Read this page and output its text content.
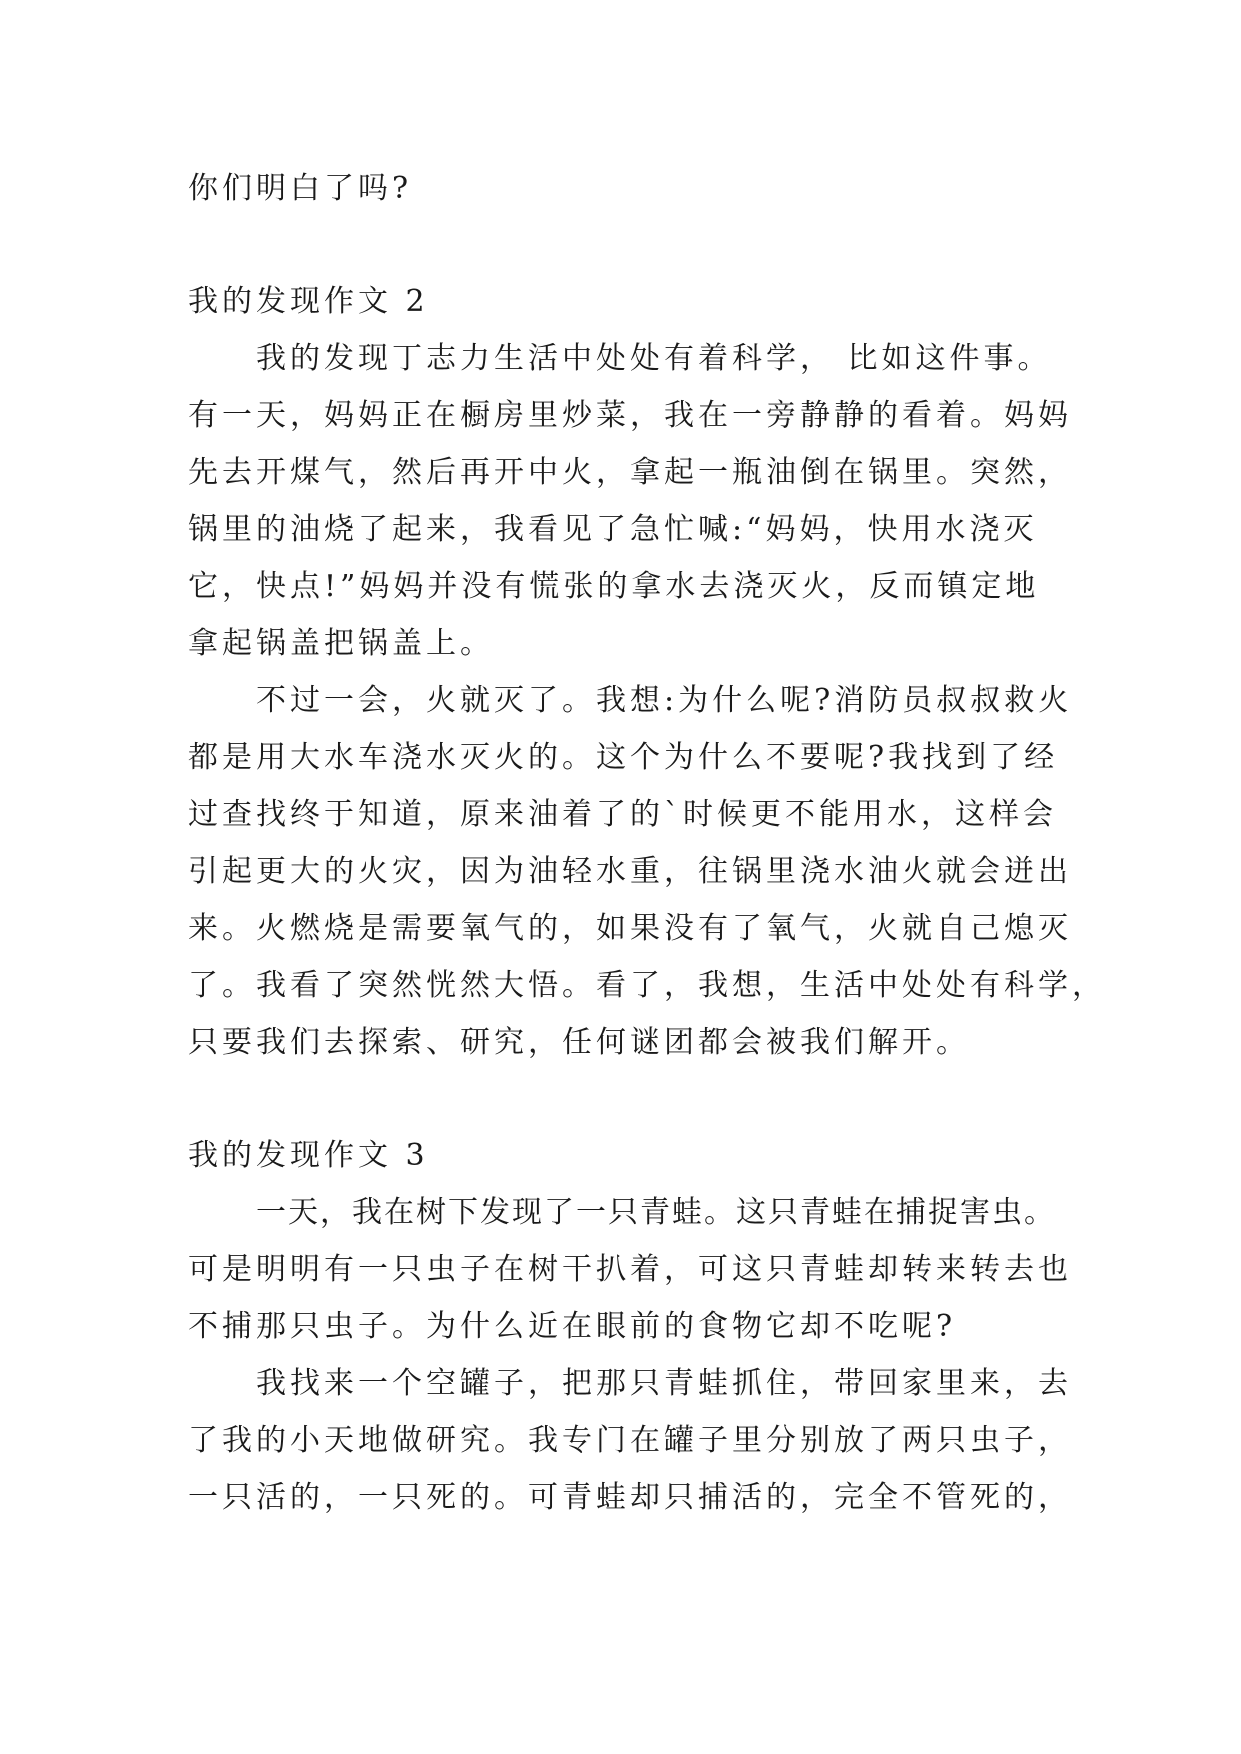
你们明白了吗?

我的发现作文 2
我的发现丁志力生活中处处有着科学， 比如这件事。
有一天，妈妈正在橱房里炒菜，我在一旁静静的看着。妈妈
先去开煤气，然后再开中火，拿起一瓶油倒在锅里。突然，
锅里的油烧了起来，我看见了急忙喊:“妈妈，快用水浇灭
它，快点!”妈妈并没有慌张的拿水去浇灭火，反而镇定地
拿起锅盖把锅盖上。
不过一会，火就灭了。我想:为什么呢?消防员叔叔救火
都是用大水车浇水灭火的。这个为什么不要呢?我找到了经
过查找终于知道，原来油着了的`时候更不能用水，这样会
引起更大的火灾，因为油轻水重，往锅里浇水油火就会迸出
来。火燃烧是需要氧气的，如果没有了氧气，火就自己熄灭
了。我看了突然恍然大悟。看了，我想，生活中处处有科学，
只要我们去探索、研究，任何谜团都会被我们解开。
我的发现作文 3
一天，我在树下发现了一只青蛙。这只青蛙在捕捉害虫。
可是明明有一只虫子在树干扒着，可这只青蛙却转来转去也
不捕那只虫子。为什么近在眼前的食物它却不吃呢?
我找来一个空罐子，把那只青蛙抓住，带回家里来，去
了我的小天地做研究。我专门在罐子里分别放了两只虫子，
一只活的，一只死的。可青蛙却只捕活的，完全不管死的，
